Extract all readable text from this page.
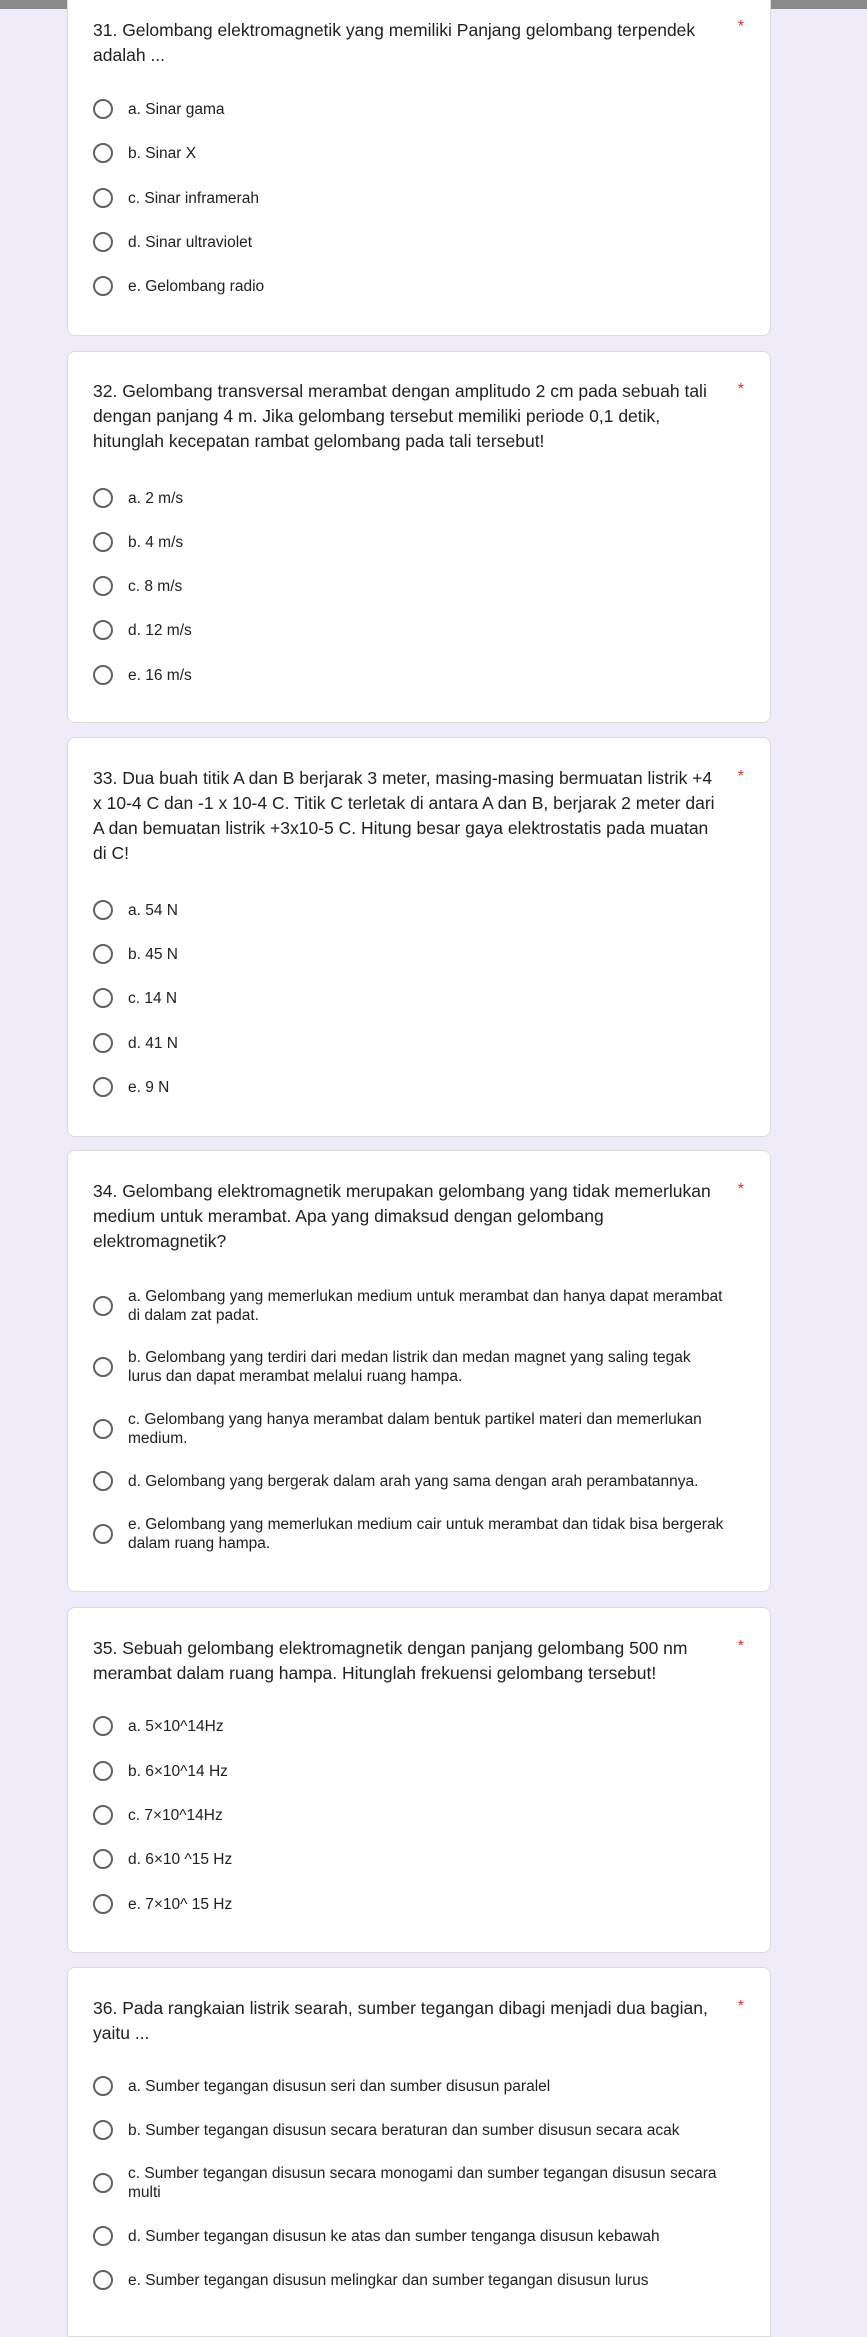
31. Gelombang elektromagnetik yang memiliki Panjang gelombang terpendek adalah ...
*
a. Sinar gama
b. Sinar X
c. Sinar inframerah
d. Sinar ultraviolet
e. Gelombang radio
32. Gelombang transversal merambat dengan amplitudo 2 cm pada sebuah tali dengan panjang 4 m. Jika gelombang tersebut memiliki periode 0,1 detik, hitunglah kecepatan rambat gelombang pada tali tersebut!
*
a. 2 m/s
b. 4 m/s
c. 8 m/s
d. 12 m/s
e. 16 m/s
33. Dua buah titik A dan B berjarak 3 meter, masing-masing bermuatan listrik +4 x 10-4 C dan -1 x 10-4 C. Titik C terletak di antara A dan B, berjarak 2 meter dari A dan bemuatan listrik +3x10-5 C. Hitung besar gaya elektrostatis pada muatan di C!
*
a. 54 N
b. 45 N
c. 14 N
d. 41 N
e. 9 N
34. Gelombang elektromagnetik merupakan gelombang yang tidak memerlukan medium untuk merambat. Apa yang dimaksud dengan gelombang elektromagnetik?
*
a. Gelombang yang memerlukan medium untuk merambat dan hanya dapat merambat di dalam zat padat.
b. Gelombang yang terdiri dari medan listrik dan medan magnet yang saling tegak lurus dan dapat merambat melalui ruang hampa.
c. Gelombang yang hanya merambat dalam bentuk partikel materi dan memerlukan medium.
d. Gelombang yang bergerak dalam arah yang sama dengan arah perambatannya.
e. Gelombang yang memerlukan medium cair untuk merambat dan tidak bisa bergerak dalam ruang hampa.
35. Sebuah gelombang elektromagnetik dengan panjang gelombang 500 nm merambat dalam ruang hampa. Hitunglah frekuensi gelombang tersebut!
*
a. 5×10^14Hz
b. 6×10^14 Hz
c. 7×10^14Hz
d. 6×10 ^15 Hz
e. 7×10^ 15 Hz
36. Pada rangkaian listrik searah, sumber tegangan dibagi menjadi dua bagian, yaitu ...
*
a. Sumber tegangan disusun seri dan sumber disusun paralel
b. Sumber tegangan disusun secara beraturan dan sumber disusun secara acak
c. Sumber tegangan disusun secara monogami dan sumber tegangan disusun secara multi
d. Sumber tegangan disusun ke atas dan sumber tenganga disusun kebawah
e. Sumber tegangan disusun melingkar dan sumber tegangan disusun lurus
